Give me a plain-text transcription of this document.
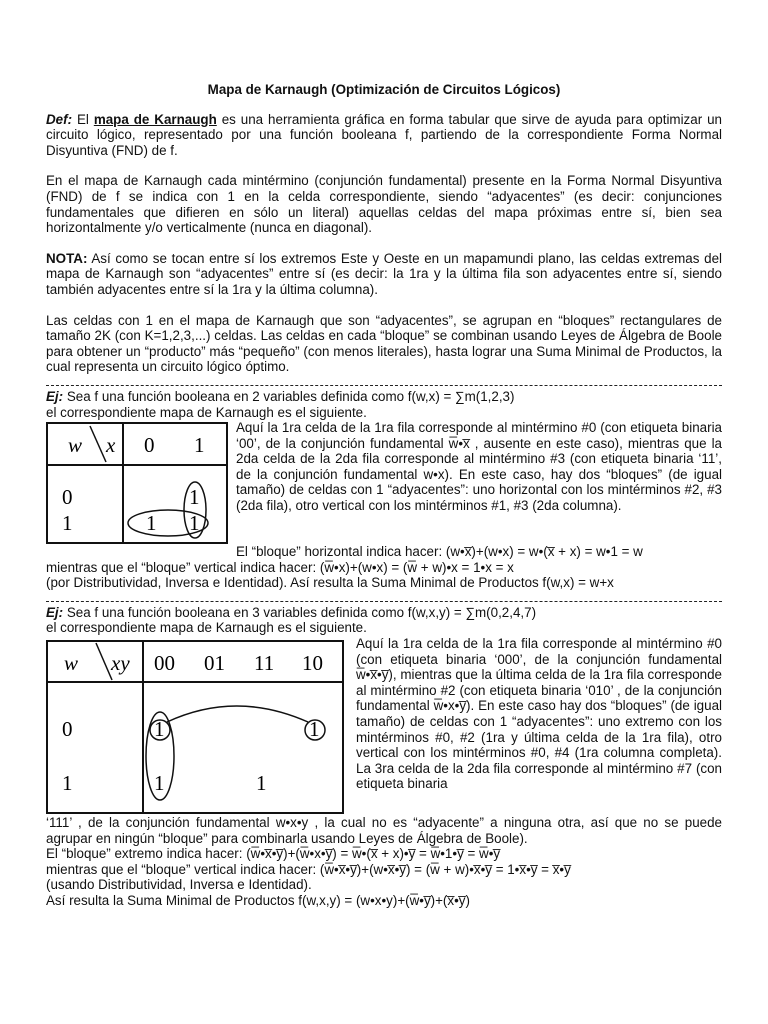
Mapa de Karnaugh (Optimización de Circuitos Lógicos)

Def: El mapa de Karnaugh es una herramienta gráfica en forma tabular que sirve de ayuda para optimizar un circuito lógico, representado por una función booleana f, partiendo de la correspondiente Forma Normal Disyuntiva (FND) de f.

En el mapa de Karnaugh cada mintérmino (conjunción fundamental) presente en la Forma Normal Disyuntiva (FND) de f se indica con 1 en la celda correspondiente, siendo “adyacentes” (es decir: conjunciones fundamentales que difieren en sólo un literal) aquellas celdas del mapa próximas entre sí, bien sea horizontalmente y/o verticalmente (nunca en diagonal).

NOTA: Así como se tocan entre sí los extremos Este y Oeste en un mapamundi plano, las celdas extremas del mapa de Karnaugh son “adyacentes” entre sí (es decir: la 1ra y la última fila son adyacentes entre sí, siendo también adyacentes entre sí la 1ra y la última columna).

Las celdas con 1 en el mapa de Karnaugh que son “adyacentes”, se agrupan en “bloques” rectangulares de tamaño 2K (con K=1,2,3,...) celdas. Las celdas en cada “bloque” se combinan usando Leyes de Álgebra de Boole para obtener un “producto” más “pequeño” (con menos literales), hasta lograr una Suma Minimal de Productos, la cual representa un circuito lógico óptimo.

Ej: Sea f una función booleana en 2 variables definida como f(w,x) = ∑m(1,2,3)

el correspondiente mapa de Karnaugh es el siguiente.

w x 0 1
0
1
1
1 1

Aquí la 1ra celda de la 1ra fila corresponde al mintérmino #0 (con etiqueta binaria ‘00’, de la conjunción fundamental w̅•x̅ , ausente en este caso), mientras que la 2da celda de la 2da fila corresponde al mintérmino #3 (con etiqueta binaria ‘11’, de la conjunción fundamental w•x). En este caso, hay dos “bloques” (de igual tamaño) de celdas con 1 “adyacentes”: uno horizontal con los mintérminos #2, #3 (2da fila), otro vertical con los mintérminos #1, #3 (2da columna).

El “bloque” horizontal indica hacer: (w•x̅)+(w•x) = w•(x̅ + x) = w•1 = w

mientras que el “bloque” vertical indica hacer: (w̅•x)+(w•x) = (w̅ + w)•x = 1•x = x

(por Distributividad, Inversa e Identidad). Así resulta la Suma Minimal de Productos f(w,x) = w+x

Ej: Sea f una función booleana en 3 variables definida como f(w,x,y) = ∑m(0,2,4,7)

el correspondiente mapa de Karnaugh es el siguiente.

w xy 00 01 11 10
0
1
1	1
1	1

Aquí la 1ra celda de la 1ra fila corresponde al mintérmino #0 (con etiqueta binaria ‘000’, de la conjunción fundamental w̅•x̅•y̅), mientras que la última celda de la 1ra fila corresponde al mintérmino #2 (con etiqueta binaria ‘010’ , de la conjunción fundamental w̅•x•y̅). En este caso hay dos “bloques” (de igual tamaño) de celdas con 1 “adyacentes”: uno extremo con los mintérminos #0, #2 (1ra y última celda de la 1ra fila), otro vertical con los mintérminos #0, #4 (1ra columna completa). La 3ra celda de la 2da fila corresponde al mintérmino #7 (con etiqueta binaria

‘111’ , de la conjunción fundamental w•x•y , la cual no es “adyacente” a ninguna otra, así que no se puede agrupar en ningún “bloque” para combinarla usando Leyes de Álgebra de Boole).

El “bloque” extremo indica hacer: (w̅•x̅•y̅)+(w̅•x•y̅) = w̅•(x̅ + x)•y̅ = w̅•1•y̅ = w̅•y̅

mientras que el “bloque” vertical indica hacer: (w̅•x̅•y̅)+(w•x̅•y̅) = (w̅ + w)•x̅•y̅ = 1•x̅•y̅ = x̅•y̅

(usando Distributividad, Inversa e Identidad).

Así resulta la Suma Minimal de Productos f(w,x,y) = (w•x•y)+(w̅•y̅)+(x̅•y̅)
